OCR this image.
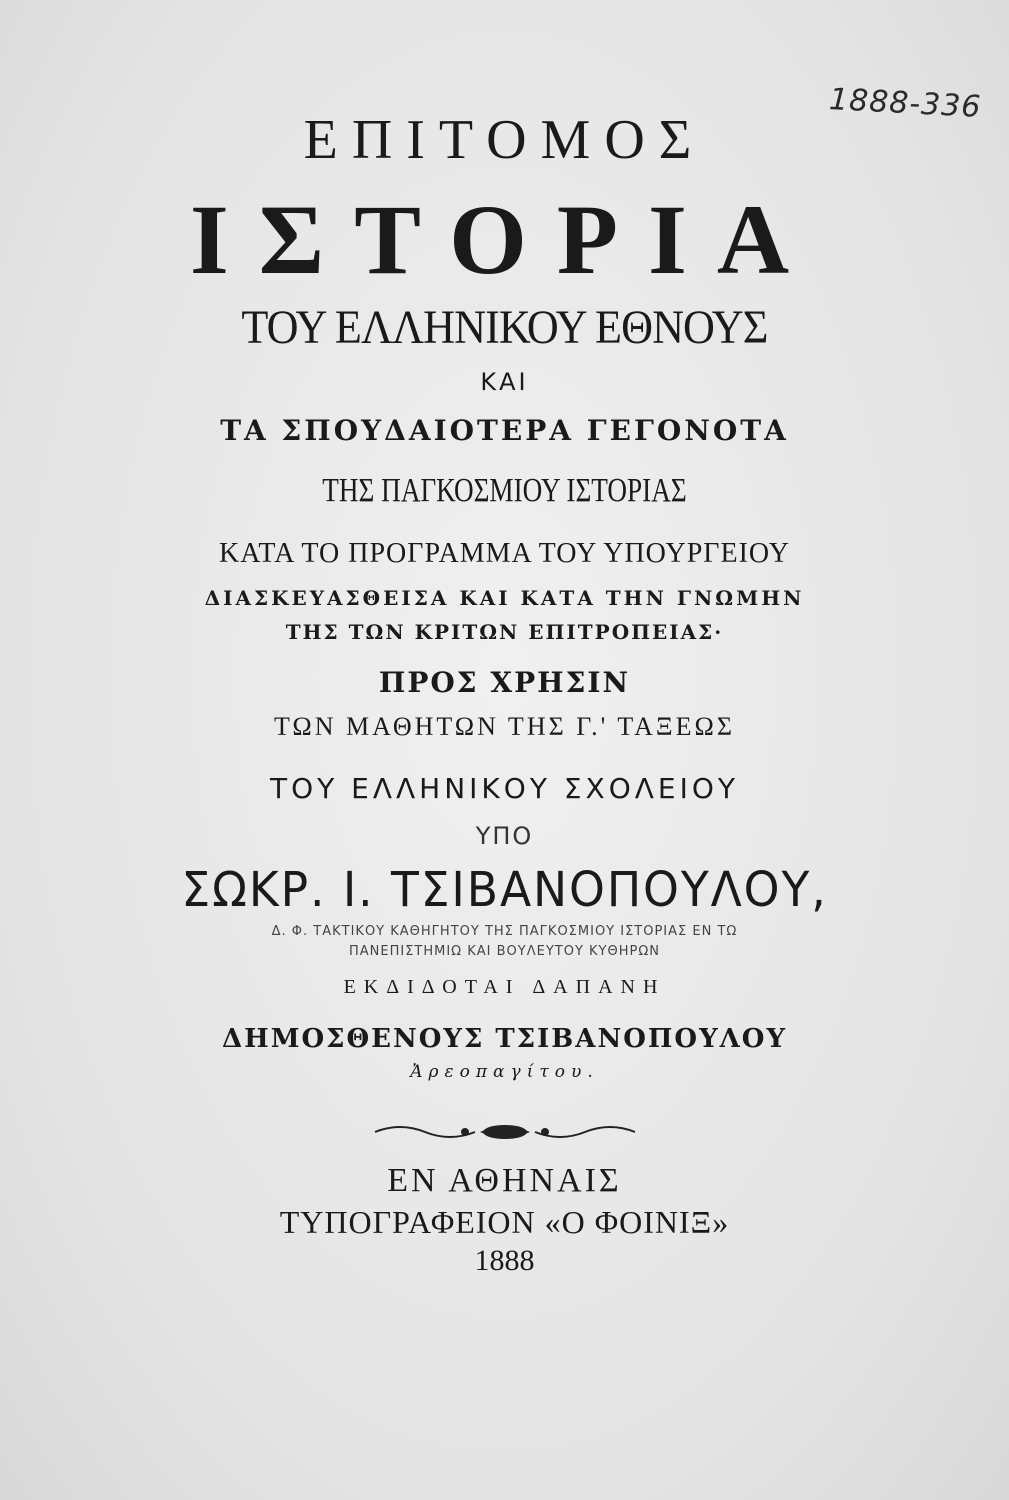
1888-336
ΕΠΙΤΟΜΟΣ
ΙΣΤΟΡΙΑ
ΤΟΥ ΕΛΛΗΝΙΚΟΥ ΕΘΝΟΥΣ
ΚΑΙ
ΤΑ ΣΠΟΥΔΑΙΟΤΕΡΑ ΓΕΓΟΝΟΤΑ
ΤΗΣ ΠΑΓΚΟΣΜΙΟΥ ΙΣΤΟΡΙΑΣ
ΚΑΤΑ ΤΟ ΠΡΟΓΡΑΜΜΑ ΤΟΥ ΥΠΟΥΡΓΕΙΟΥ
ΔΙΑΣΚΕΥΑΣΘΕΙΣΑ ΚΑΙ ΚΑΤΑ ΤΗΝ ΓΝΩΜΗΝ
ΤΗΣ ΤΩΝ ΚΡΙΤΩΝ ΕΠΙΤΡΟΠΕΙΑΣ·
ΠΡΟΣ ΧΡΗΣΙΝ
ΤΩΝ ΜΑΘΗΤΩΝ ΤΗΣ Γ.' ΤΑΞΕΩΣ
ΤΟΥ ΕΛΛΗΝΙΚΟΥ ΣΧΟΛΕΙΟΥ
ΥΠΟ
ΣΩΚΡ. Ι. ΤΣΙΒΑΝΟΠΟΥΛΟΥ,
Δ. Φ. ΤΑΚΤΙΚΟΥ ΚΑΘΗΓΗΤΟΥ ΤΗΣ ΠΑΓΚΟΣΜΙΟΥ ΙΣΤΟΡΙΑΣ ΕΝ ΤΩ
ΠΑΝΕΠΙΣΤΗΜΙΩ ΚΑΙ ΒΟΥΛΕΥΤΟΥ ΚΥΘΗΡΩΝ
ΕΚΔΙΔΟΤΑΙ ΔΑΠΑΝΗ
ΔΗΜΟΣΘΕΝΟΥΣ ΤΣΙΒΑΝΟΠΟΥΛΟΥ
Ἀρεοπαγίτου.
ΕΝ ΑΘΗΝΑΙΣ
ΤΥΠΟΓΡΑΦΕΙΟΝ «Ο ΦΟΙΝΙΞ»
1888
